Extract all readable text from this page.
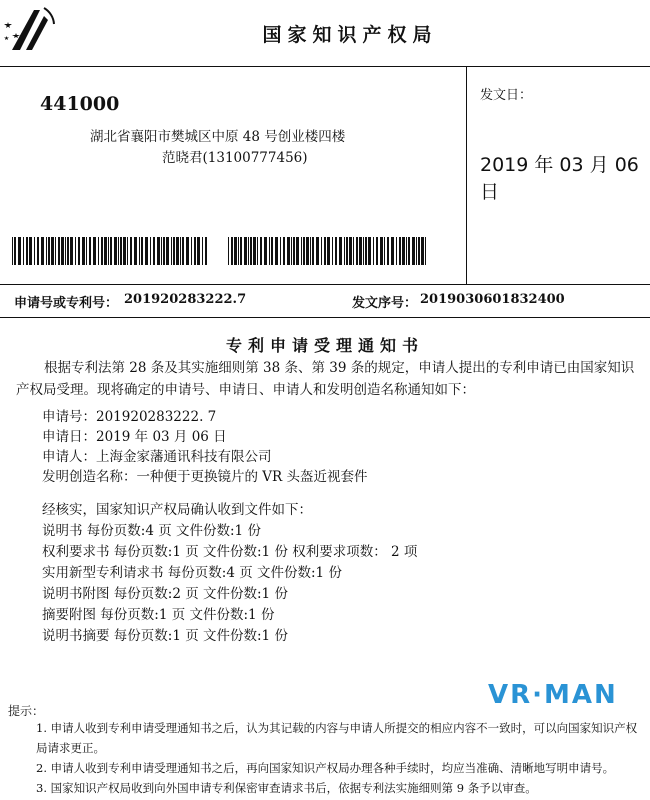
国家知识产权局
441000
湖北省襄阳市樊城区中原 48 号创业楼四楼
范晓君(13100777456)
发文日：
2019 年 03 月 06 日
申请号或专利号： 201920283222.7	发文序号： 2019030601832400
专利申请受理通知书
根据专利法第 28 条及其实施细则第 38 条、第 39 条的规定，申请人提出的专利申请已由国家知识产权局受理。现将确定的申请号、申请日、申请人和发明创造名称通知如下：
申请号：201920283222. 7
申请日：2019 年 03 月 06 日
申请人：上海金家藩通讯科技有限公司
发明创造名称：一种便于更换镜片的 VR 头盔近视套件
经核实，国家知识产权局确认收到文件如下：
说明书 每份页数:4 页 文件份数:1 份
权利要求书 每份页数:1 页 文件份数:1 份 权利要求项数： 2 项
实用新型专利请求书 每份页数:4 页 文件份数:1 份
说明书附图 每份页数:2 页 文件份数:1 份
摘要附图 每份页数:1 页 文件份数:1 份
说明书摘要 每份页数:1 页 文件份数:1 份
VR·MAN
提示：
1. 申请人收到专利申请受理通知书之后，认为其记载的内容与申请人所提交的相应内容不一致时，可以向国家知识产权局请求更正。
2. 申请人收到专利申请受理通知书之后，再向国家知识产权局办理各种手续时，均应当准确、清晰地写明申请号。
3. 国家知识产权局收到向外国申请专利保密审查请求书后，依据专利法实施细则第 9 条予以审查。
